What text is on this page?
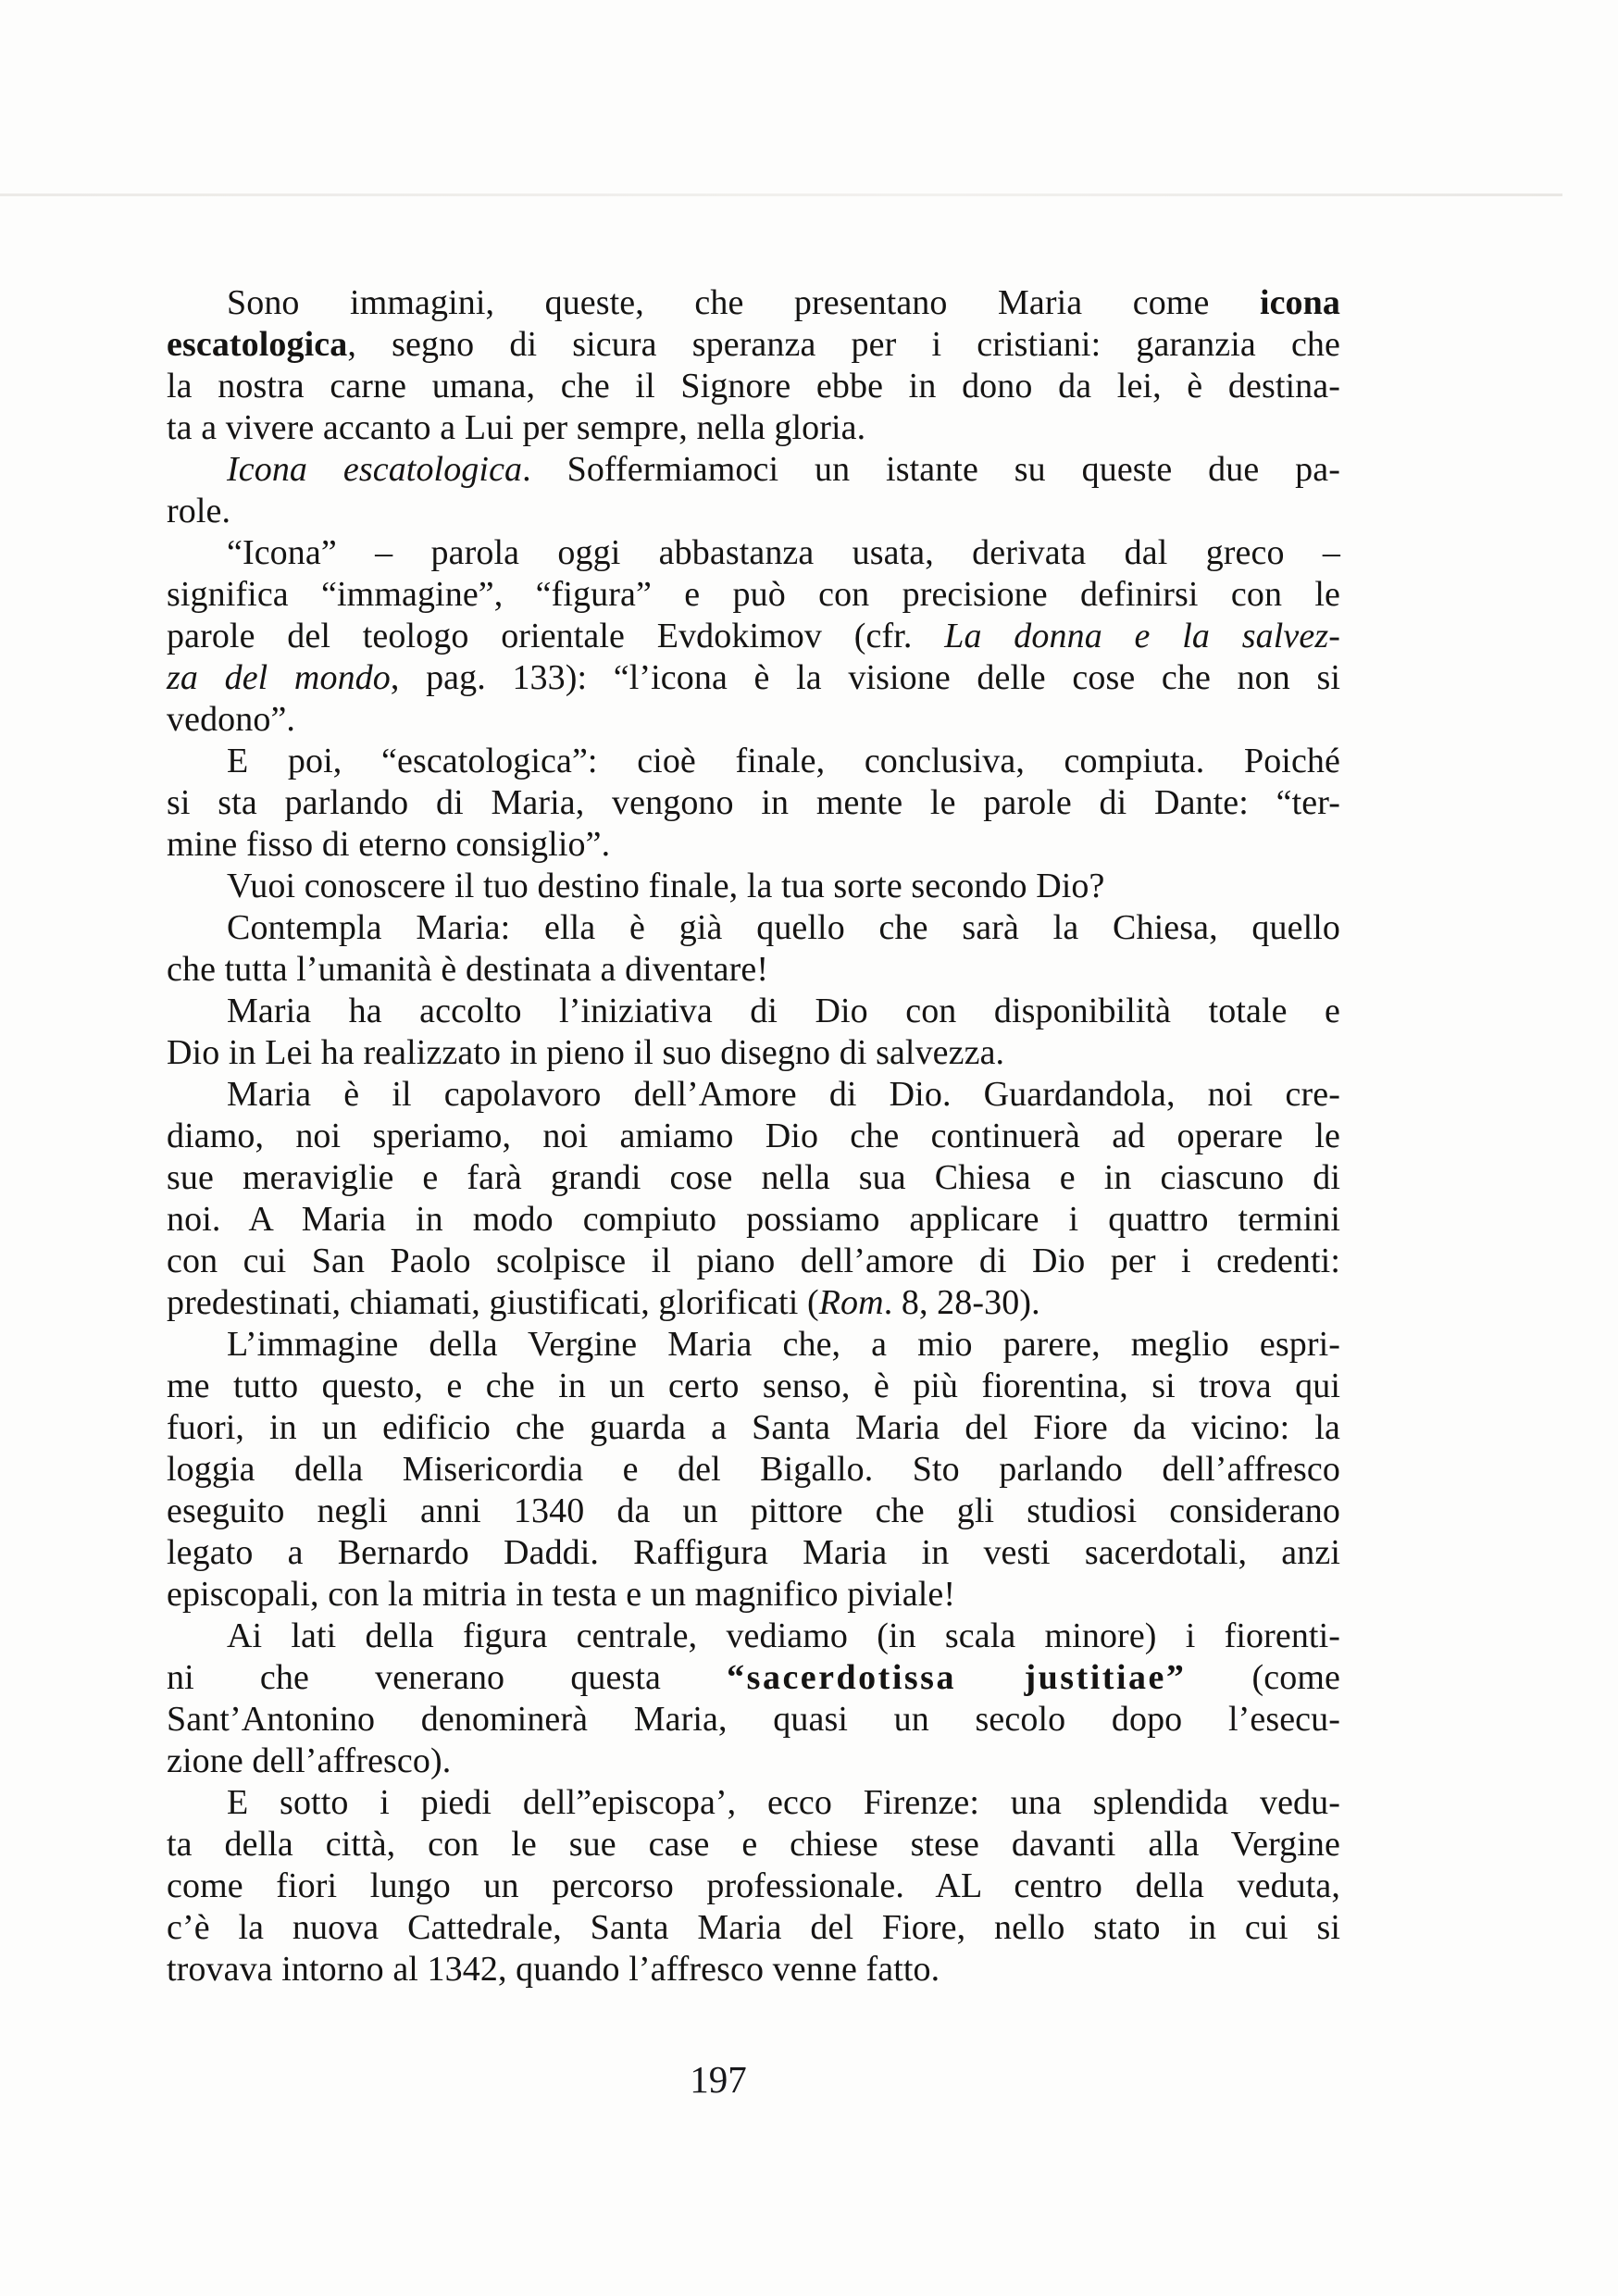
Sono immagini, queste, che presentano Maria come icona
escatologica, segno di sicura speranza per i cristiani: garanzia che
la nostra carne umana, che il Signore ebbe in dono da lei, è destina-
ta a vivere accanto a Lui per sempre, nella gloria.
Icona escatologica. Soffermiamoci un istante su queste due pa-
role.
“Icona” – parola oggi abbastanza usata, derivata dal greco –
significa “immagine”, “figura” e può con precisione definirsi con le
parole del teologo orientale Evdokimov (cfr. La donna e la salvez-
za del mondo, pag. 133): “l’icona è la visione delle cose che non si
vedono”.
E poi, “escatologica”: cioè finale, conclusiva, compiuta. Poiché
si sta parlando di Maria, vengono in mente le parole di Dante: “ter-
mine fisso di eterno consiglio”.
Vuoi conoscere il tuo destino finale, la tua sorte secondo Dio?
Contempla Maria: ella è già quello che sarà la Chiesa, quello
che tutta l’umanità è destinata a diventare!
Maria ha accolto l’iniziativa di Dio con disponibilità totale e
Dio in Lei ha realizzato in pieno il suo disegno di salvezza.
Maria è il capolavoro dell’Amore di Dio. Guardandola, noi cre-
diamo, noi speriamo, noi amiamo Dio che continuerà ad operare le
sue meraviglie e farà grandi cose nella sua Chiesa e in ciascuno di
noi. A Maria in modo compiuto possiamo applicare i quattro termini
con cui San Paolo scolpisce il piano dell’amore di Dio per i credenti:
predestinati, chiamati, giustificati, glorificati (Rom. 8, 28-30).
L’immagine della Vergine Maria che, a mio parere, meglio espri-
me tutto questo, e che in un certo senso, è più fiorentina, si trova qui
fuori, in un edificio che guarda a Santa Maria del Fiore da vicino: la
loggia della Misericordia e del Bigallo. Sto parlando dell’affresco
eseguito negli anni 1340 da un pittore che gli studiosi considerano
legato a Bernardo Daddi. Raffigura Maria in vesti sacerdotali, anzi
episcopali, con la mitria in testa e un magnifico piviale!
Ai lati della figura centrale, vediamo (in scala minore) i fiorenti-
ni che venerano questa “sacerdotissa justitiae” (come
Sant’Antonino denominerà Maria, quasi un secolo dopo l’esecu-
zione dell’affresco).
E sotto i piedi dell”episcopa’, ecco Firenze: una splendida vedu-
ta della città, con le sue case e chiese stese davanti alla Vergine
come fiori lungo un percorso professionale. AL centro della veduta,
c’è la nuova Cattedrale, Santa Maria del Fiore, nello stato in cui si
trovava intorno al 1342, quando l’affresco venne fatto.
197
